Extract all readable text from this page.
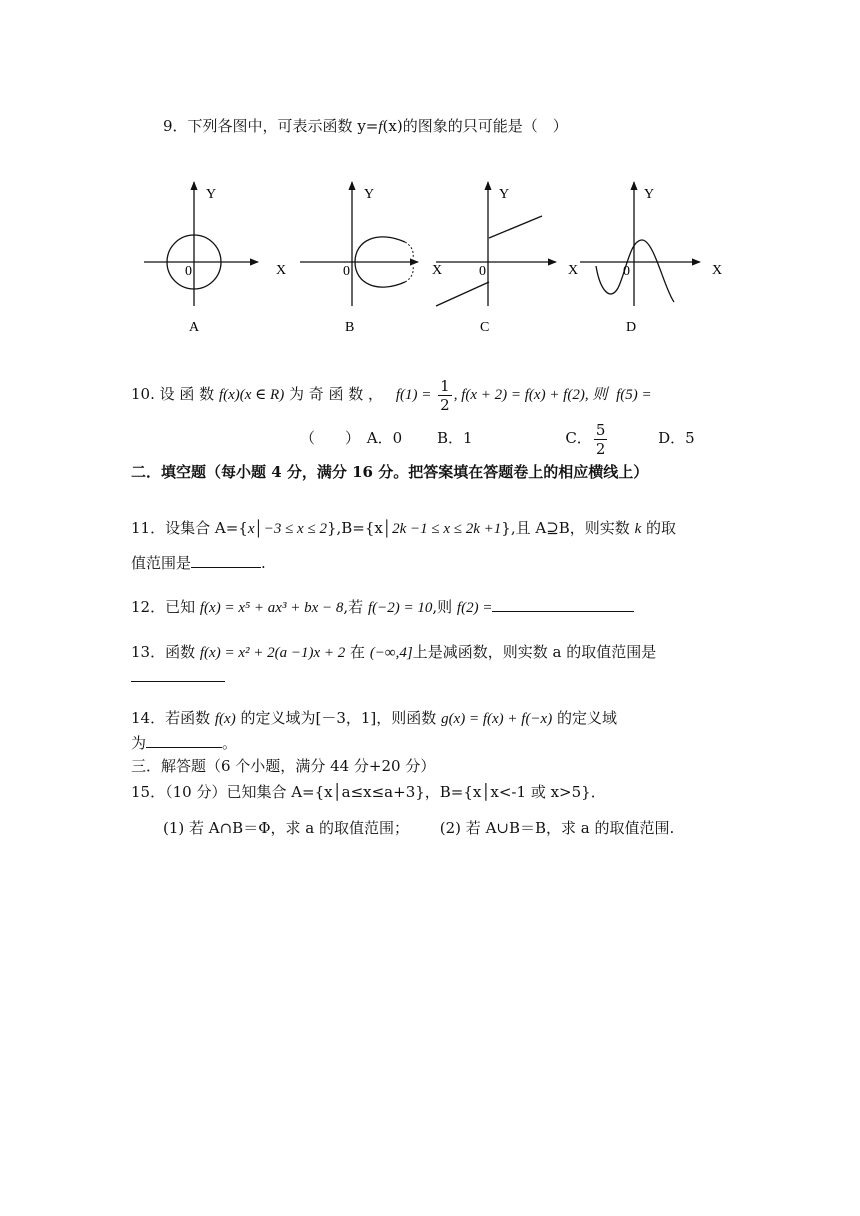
9．下列各图中，可表示函数 y=f(x)的图象的只可能是（　）
Y
X
0
A
Y
X
0
B
Y
X
0
C
Y
X
0
D
10. 设 函 数 f(x)(x ∈ R) 为 奇 函 数 ， $f(1) = \frac{1}{2}$ , f(x + 2) = f(x) + f(2), 则 f(5) =
（　　） A．0 B．1	C． $\frac{5}{2}$	D．5
二．填空题（每小题 4 分，满分 16 分。把答案填在答题卷上的相应横线上）
11．设集合 A={x│−3 ≤ x ≤ 2},B={x│2k −1 ≤ x ≤ 2k +1},且 A⊇B，则实数 k 的取
值范围是	.
12．已知 f(x) = x⁵ + ax³ + bx − 8,若 f(−2) = 10,则 f(2) =
13．函数 f(x) = x² + 2(a −1)x + 2 在 (−∞,4]上是减函数，则实数 a 的取值范围是
14．若函数 f(x) 的定义域为[－3，1]，则函数 g(x) = f(x) + f(−x) 的定义域
为	。
三．解答题（6 个小题，满分 44 分+20 分）
15．（10 分）已知集合 A={x│a≤x≤a+3}，B={x│x<-1 或 x>5}．
(1) 若 A∩B＝Φ，求 a 的取值范围； (2) 若 A∪B＝B，求 a 的取值范围.
